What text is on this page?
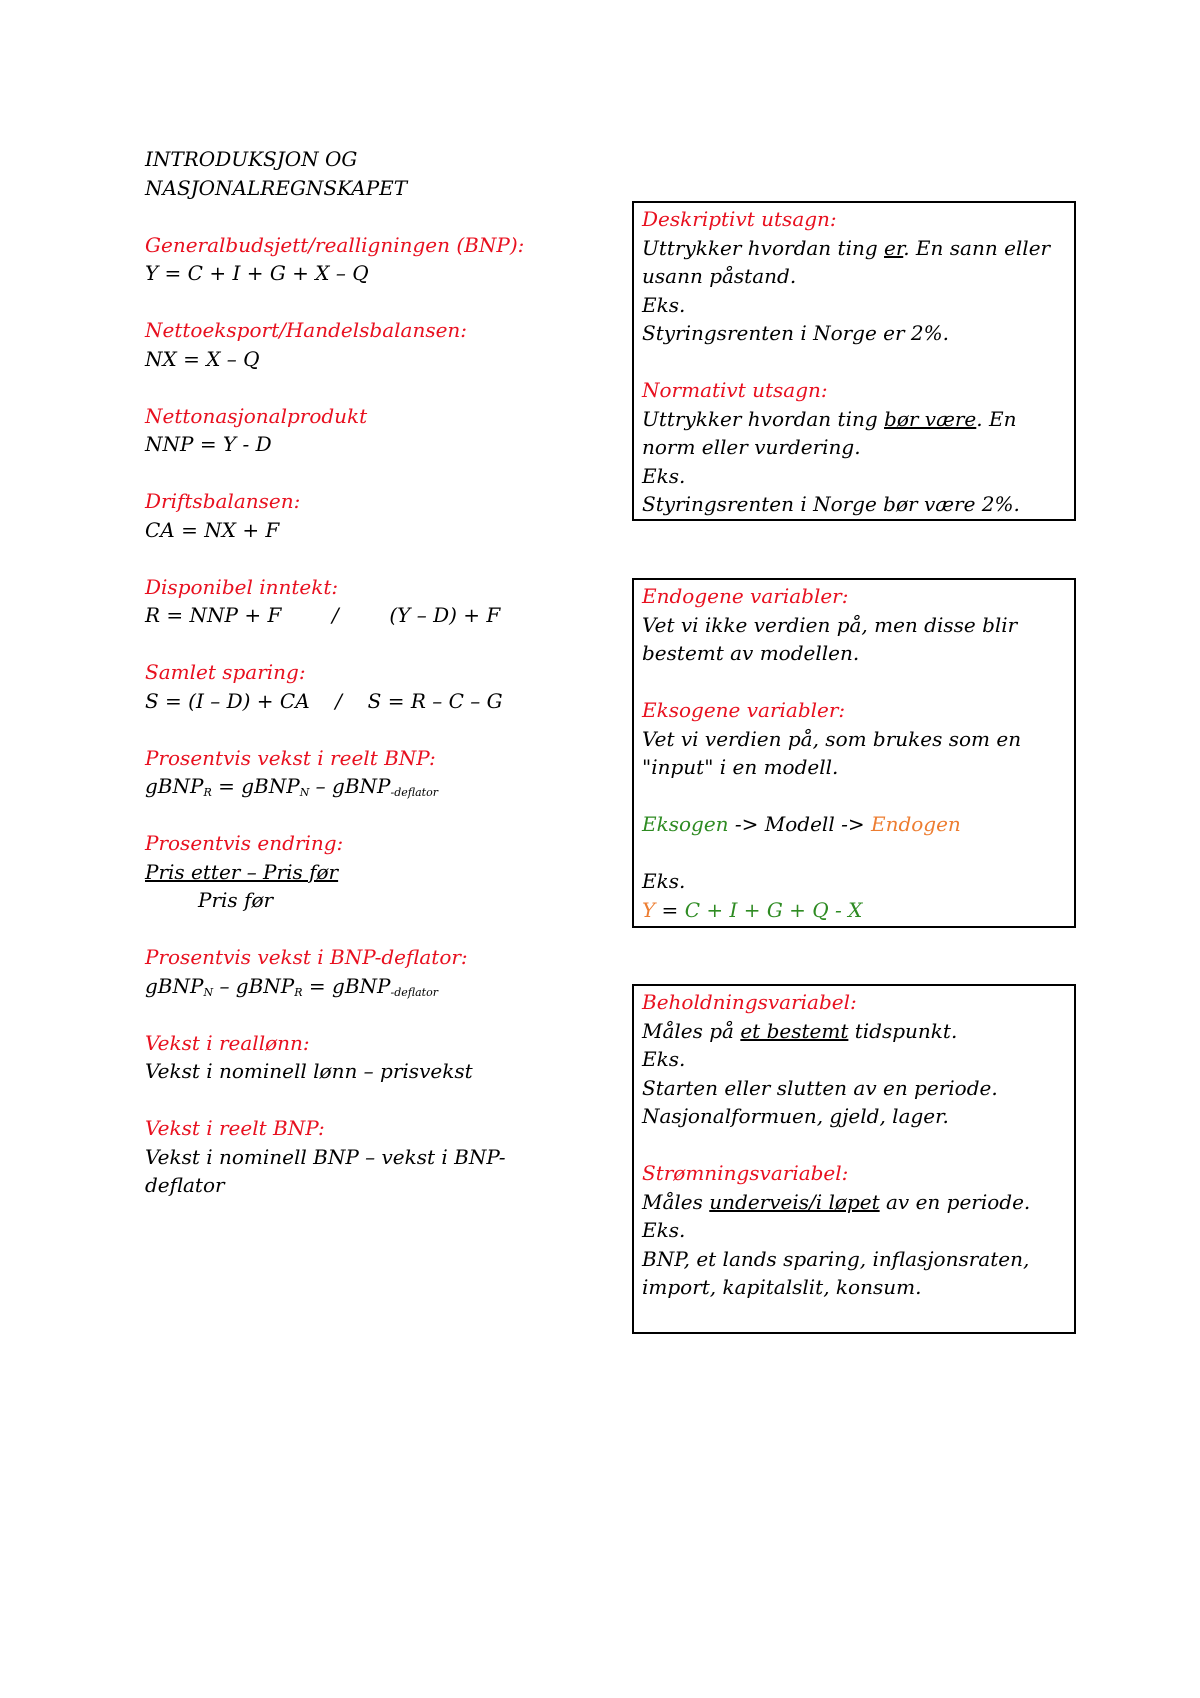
INTRODUKSJON OG
NASJONALREGNSKAPET
Generalbudsjett/realligningen (BNP):
Y = C + I + G + X – Q
Nettoeksport/Handelsbalansen:
NX = X – Q
Nettonasjonalprodukt
NNP = Y - D
Driftsbalansen:
CA = NX + F
Disponibel inntekt:
R = NNP + F	/	(Y – D) + F
Samlet sparing:
S = (I – D) + CA / S = R – C – G
Prosentvis vekst i reelt BNP:
gBNP$_R$ = gBNP$_N$ – gBNP$_{-deflator}$
Prosentvis endring:
Pris etter – Pris før
Pris før
Prosentvis vekst i BNP-deflator:
gBNP$_N$ – gBNP$_R$ = gBNP$_{-deflator}$
Vekst i reallønn:
Vekst i nominell lønn – prisvekst
Vekst i reelt BNP:
Vekst i nominell BNP – vekst i BNP-
deflator
Deskriptivt utsagn:
Uttrykker hvordan ting er. En sann eller
usann påstand.
Eks.
Styringsrenten i Norge er 2%.
Normativt utsagn:
Uttrykker hvordan ting bør være. En
norm eller vurdering.
Eks.
Styringsrenten i Norge bør være 2%.
Endogene variabler:
Vet vi ikke verdien på, men disse blir
bestemt av modellen.
Eksogene variabler:
Vet vi verdien på, som brukes som en
"input" i en modell.
Eksogen -> Modell -> Endogen
Eks.
Y = C + I + G + Q - X
Beholdningsvariabel:
Måles på et bestemt tidspunkt.
Eks.
Starten eller slutten av en periode.
Nasjonalformuen, gjeld, lager.
Strømningsvariabel:
Måles underveis/i løpet av en periode.
Eks.
BNP, et lands sparing, inflasjonsraten,
import, kapitalslit, konsum.
